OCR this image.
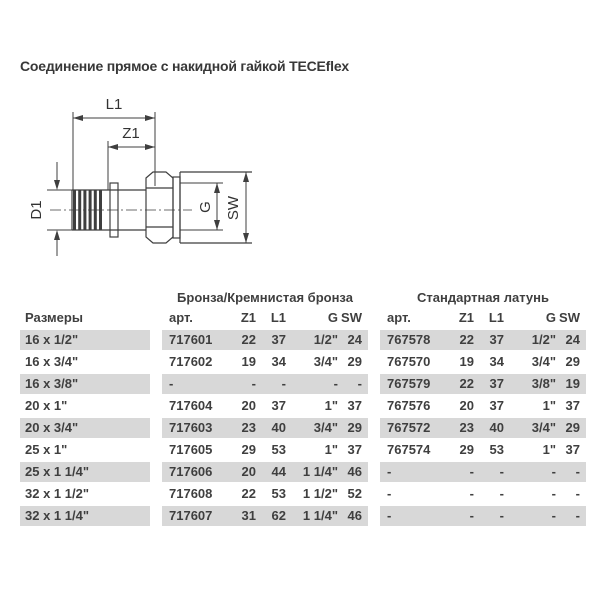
Соединение прямое с накидной гайкой TECEflex
L1
Z1
D1	G SW
Бронза/Кремнистая бронза	Стандартная латунь
Размеры	арт.	Z1	L1	G SW	арт.	Z1	L1	G SW
16 x 1/2"	717601	22	37	1/2" 24	767578	22	37	1/2" 24
16 x 3/4"	717602	19	34	3/4" 29	767570	19	34	3/4" 29
16 x 3/8"	-	-	-	-	-	767579	22	37	3/8" 19
20 x 1"	717604	20	37	1" 37	767576	20	37	1" 37
20 x 3/4"	717603	23	40	3/4" 29	767572	23	40	3/4" 29
25 x 1"	717605	29	53	1" 37	767574	29	53	1" 37
25 x 1 1/4"	717606	20	44	1 1/4" 46	-	-	-	-	-
32 x 1 1/2"	717608	22	53	1 1/2" 52	-	-	-	-	-
32 x 1 1/4"	717607	31	62	1 1/4" 46	-	-	-	-	-
